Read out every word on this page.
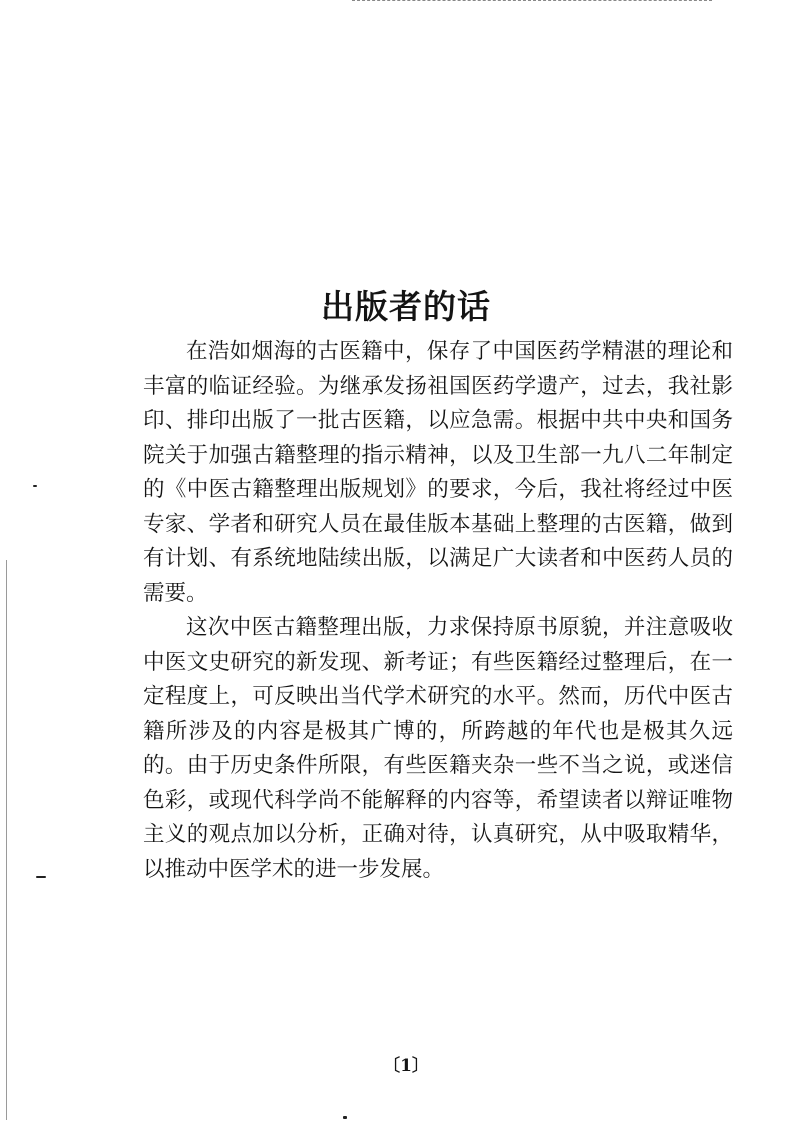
出版者的话

在浩如烟海的古医籍中，保存了中国医药学精湛的理论和丰富的临证经验。为继承发扬祖国医药学遗产，过去，我社影印、排印出版了一批古医籍，以应急需。根据中共中央和国务院关于加强古籍整理的指示精神，以及卫生部一九八二年制定的《中医古籍整理出版规划》的要求，今后，我社将经过中医专家、学者和研究人员在最佳版本基础上整理的古医籍，做到有计划、有系统地陆续出版，以满足广大读者和中医药人员的需要。

这次中医古籍整理出版，力求保持原书原貌，并注意吸收中医文史研究的新发现、新考证；有些医籍经过整理后，在一定程度上，可反映出当代学术研究的水平。然而，历代中医古籍所涉及的内容是极其广博的，所跨越的年代也是极其久远的。由于历史条件所限，有些医籍夹杂一些不当之说，或迷信色彩，或现代科学尚不能解释的内容等，希望读者以辩证唯物主义的观点加以分析，正确对待，认真研究，从中吸取精华，以推动中医学术的进一步发展。

〔1〕
